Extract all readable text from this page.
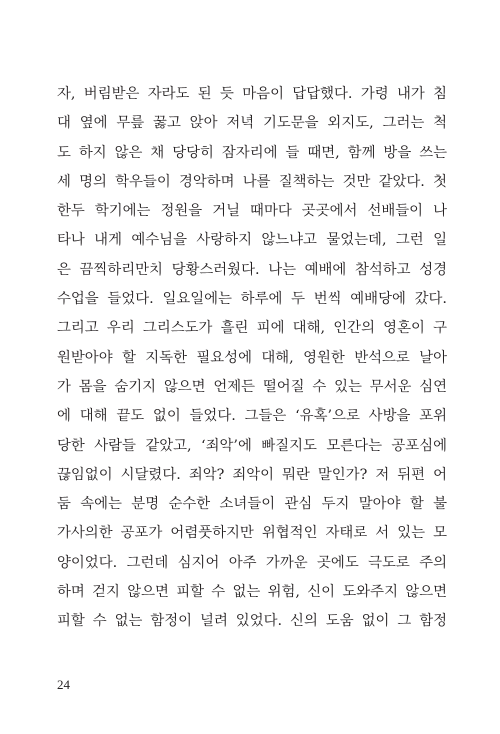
자, 버림받은 자라도 된 듯 마음이 답답했다. 가령 내가 침
대 옆에 무릎 꿇고 앉아 저녁 기도문을 외지도, 그러는 척
도 하지 않은 채 당당히 잠자리에 들 때면, 함께 방을 쓰는
세 명의 학우들이 경악하며 나를 질책하는 것만 같았다. 첫
한두 학기에는 정원을 거닐 때마다 곳곳에서 선배들이 나
타나 내게 예수님을 사랑하지 않느냐고 물었는데, 그런 일
은 끔찍하리만치 당황스러웠다. 나는 예배에 참석하고 성경
수업을 들었다. 일요일에는 하루에 두 번씩 예배당에 갔다.
그리고 우리 그리스도가 흘린 피에 대해, 인간의 영혼이 구
원받아야 할 지독한 필요성에 대해, 영원한 반석으로 날아
가 몸을 숨기지 않으면 언제든 떨어질 수 있는 무서운 심연
에 대해 끝도 없이 들었다. 그들은 ‘유혹’으로 사방을 포위
당한 사람들 같았고, ‘죄악’에 빠질지도 모른다는 공포심에
끊임없이 시달렸다. 죄악? 죄악이 뭐란 말인가? 저 뒤편 어
둠 속에는 분명 순수한 소녀들이 관심 두지 말아야 할 불
가사의한 공포가 어렴풋하지만 위협적인 자태로 서 있는 모
양이었다. 그런데 심지어 아주 가까운 곳에도 극도로 주의
하며 걷지 않으면 피할 수 없는 위험, 신이 도와주지 않으면
피할 수 없는 함정이 널려 있었다. 신의 도움 없이 그 함정

24
